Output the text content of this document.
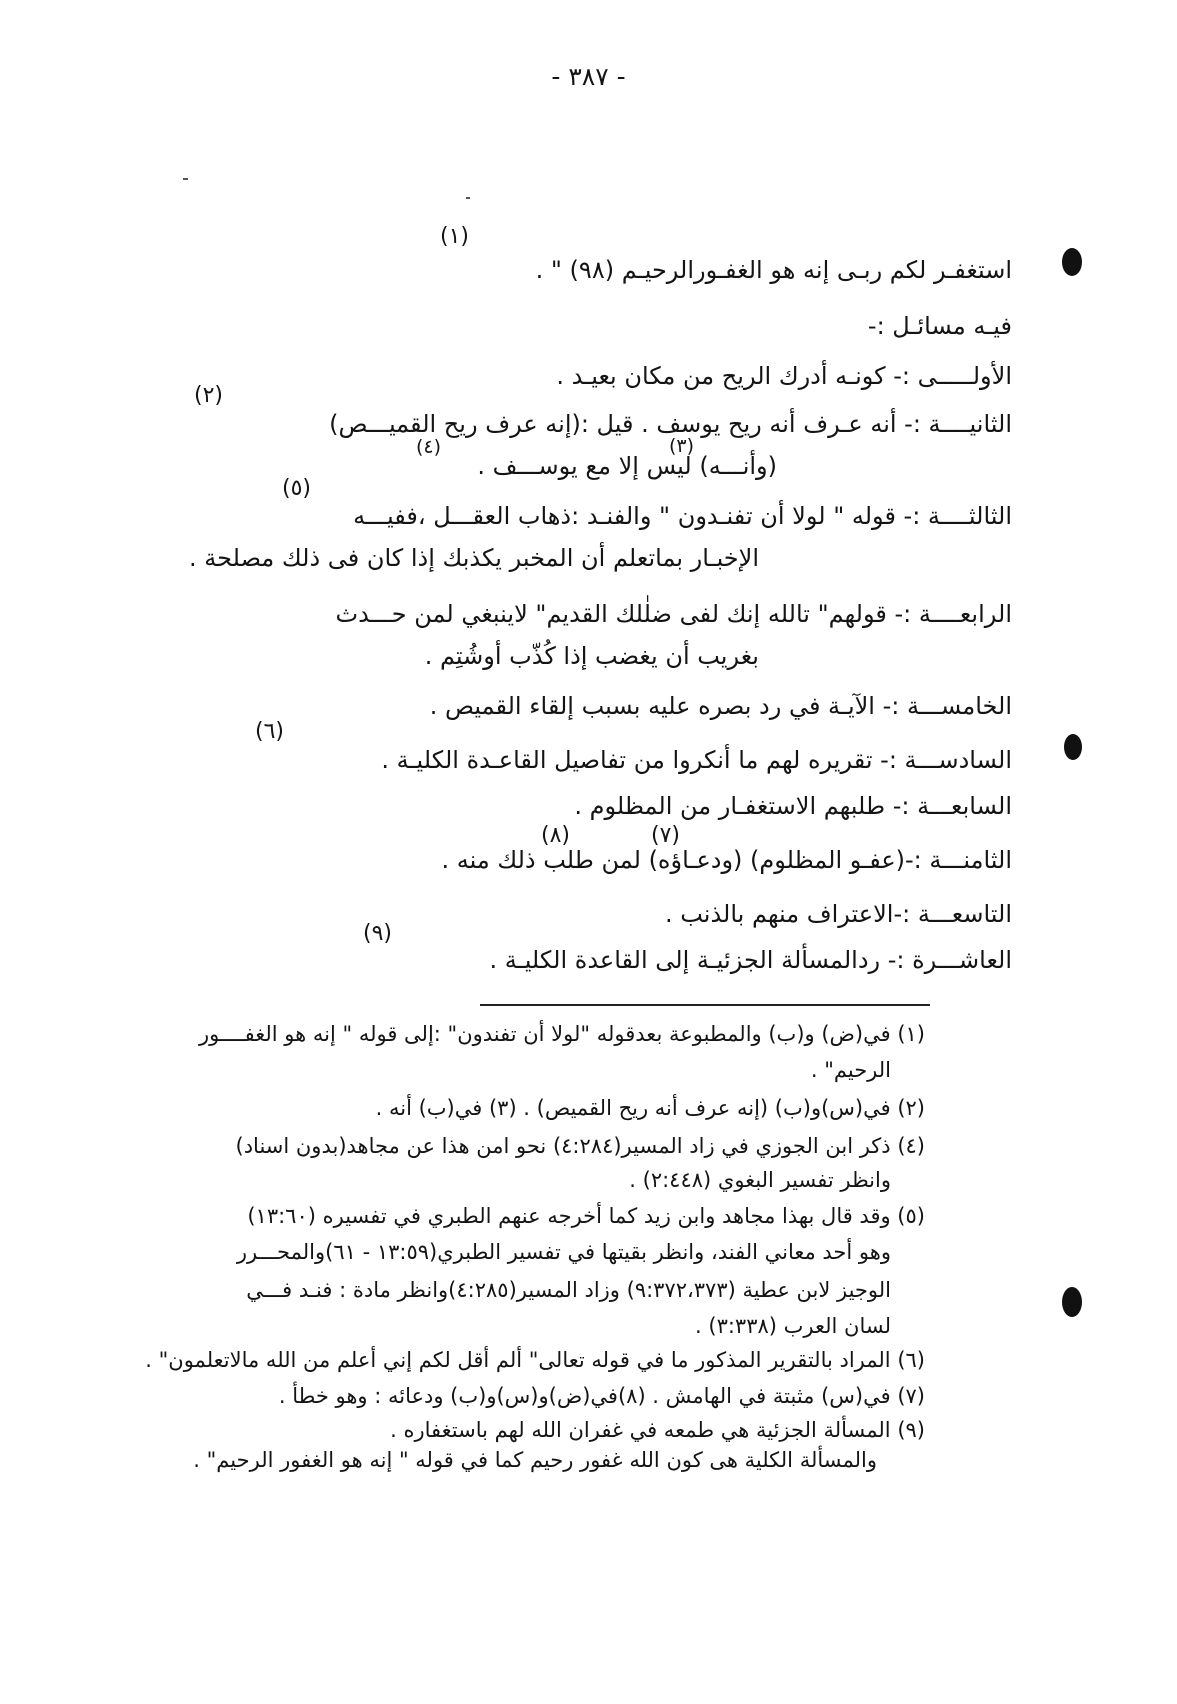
- ٣٨٧ -
(١)
استغفـر لكم ربـى إنه هو الغفـورالرحيـم (٩٨) " .
فيـه مسائـل :-
الأولـــــى :- كونـه أدرك الريح من مكان بعيـد .
(٢)
الثانيــــة :- أنه عـرف أنه ريح يوسف . قيل :(إنه عرف ريح القميـــص)
(٣)
(٤)
(وأنـــه) ليس إلا مع يوســـف .
(٥)
الثالثــــة :- قوله " لولا أن تفنـدون " والفنـد :ذهاب العقـــل ،ففيـــه
الإخبـار بماتعلم أن المخبر يكذبك إذا كان فى ذلك مصلحة .
الرابعــــة :- قولهم" تالله إنك لفى ضلٰلك القديم" لاينبغي لمن حـــدث
بغريب أن يغضب إذا كُذّب أوشُتِم .
الخامســـة :- الآيـة في رد بصره عليه بسبب إلقاء القميص .
(٦)
السادســـة :- تقريره لهم ما أنكروا من تفاصيل القاعـدة الكليـة .
السابعـــة :- طلبهم الاستغفـار من المظلوم .
(٨)	(٧)
الثامنـــة :-(عفـو المظلوم) (ودعـاؤه) لمن طلب ذلك منه .
التاسعـــة :-الاعتراف منهم بالذنب .
(٩)
العاشـــرة :- ردالمسألة الجزئيـة إلى القاعدة الكليـة .
(١) في(ض) و(ب) والمطبوعة بعدقوله "لولا أن تفندون" :إلى قوله " إنه هو الغفــــور
الرحيم" .
(٢) في(س)و(ب) (إنه عرف أنه ريح القميص) . (٣) في(ب) أنه .
(٤) ذكر ابن الجوزي في زاد المسير(٤:٢٨٤) نحو امن هذا عن مجاهد(بدون اسناد)
وانظر تفسير البغوي (٢:٤٤٨) .
(٥) وقد قال بهذا مجاهد وابن زيد كما أخرجه عنهم الطبري في تفسيره (١٣:٦٠)
وهو أحد معاني الفند، وانظر بقيتها في تفسير الطبري(١٣:٥٩ - ٦١)والمحـــرر
الوجيز لابن عطية (٩:٣٧٢،٣٧٣) وزاد المسير(٤:٢٨٥)وانظر مادة : فنـد فـــي
لسان العرب (٣:٣٣٨) .
(٦) المراد بالتقرير المذكور ما في قوله تعالى" ألم أقل لكم إني أعلم من الله مالاتعلمون" .
(٧) في(س) مثبتة في الهامش . (٨)في(ض)و(س)و(ب) ودعائه : وهو خطأ .
(٩) المسألة الجزئية هي طمعه في غفران الله لهم باستغفاره .
والمسألة الكلية هى كون الله غفور رحيم كما في قوله " إنه هو الغفور الرحيم" .
